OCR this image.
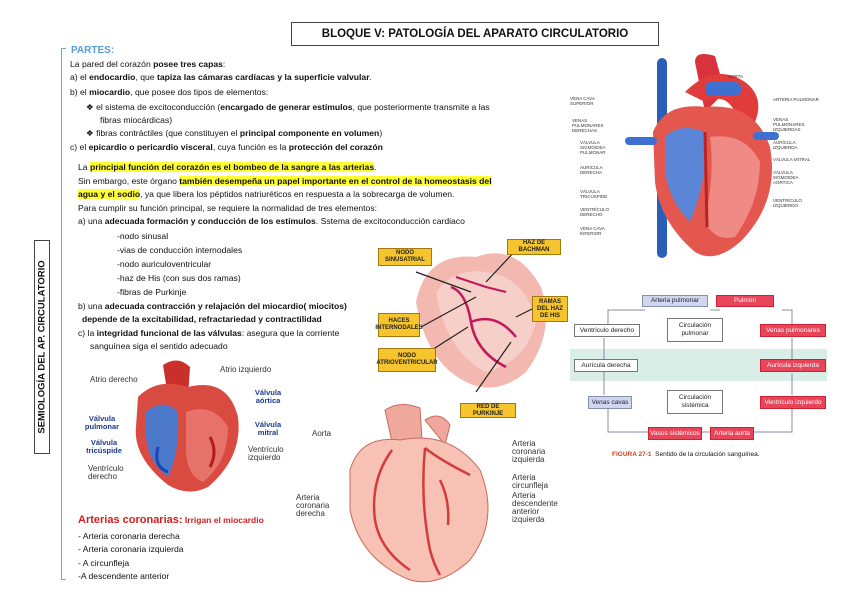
BLOQUE V: PATOLOGÍA DEL APARATO CIRCULATORIO
SEMIOLOGÍA DEL AP. CIRCULATORIO
PARTES:
La pared del corazón posee tres capas:
a) el endocardio, que tapiza las cámaras cardíacas y la superficie valvular.
b) el miocardio, que posee dos tipos de elementos:
❖ el sistema de excitoconducción (encargado de generar estímulos, que posteriormente transmite a las
fibras miocárdicas)
❖ fibras contráctiles (que constituyen el principal componente en volumen)
c) el epicardio o pericardio visceral, cuya función es la protección del corazón
La principal función del corazón es el bombeo de la sangre a las arterias.
Sin embargo, este órgano también desempeña un papel importante en el control de la homeostasis del
agua y el sodio, ya que libera los péptidos natriuréticos en respuesta a la sobrecarga de volumen.
Para cumplir su función principal, se requiere la normalidad de tres elementos:
a) una adecuada formación y conducción de los estímulos. Sstema de excitoconducción cardiaco
-nodo sinusal
-vias de conducción internodales
-nodo auriculoventricular
-haz de His (con sus dos ramas)
-fibras de Purkinje
b) una adecuada contracción y relajación del miocardio( miocitos)
depende de la excitabilidad, refractariedad y contractilidad
c) la integridad funcional de las válvulas: asegura que la corriente
sanguínea siga el sentido adecuado
AORTA
VENA CAVA SUPERIOR
ARTERIA PULMONAR
VENAS PULMONARES DERECHAS
VENAS PULMONARES IZQUIERDAS
VÁLVULA SIGMOIDEA PULMONAR
AURÍCULA IZQUIERDA
VÁLVULA MITRAL
AURÍCULA DERECHA	VÁLVULA SIGMOIDEA AÓRTICA
VÁLVULA TRICÚSPIDE
VENTRÍCULO DERECHO
VENTRÍCULO IZQUIERDO
VENA CAVA INFERIOR
NODO SINUSATRIAL
HAZ DE BACHMAN
HACES INTERNODALES
RAMAS DEL HAZ DE HIS
NODO ATRIOVENTRICULAR
RED DE PURKINJE
Arteria pulmonar	Pulmón
Ventrículo derecho
Circulación pulmonar	Venas pulmonares
Aurícula derecha	Aurícula izquierda
Venas cavas
Circulación sistémica	Ventrículo izquierdo
Vasos sistémicos	Arteria aorta
FIGURA 27-1 Sentido de la circulación sanguínea.
Atrio derecho
Atrio izquierdo
Válvula aórtica
Válvula pulmonar	Válvula mitral
Válvula tricúspide	Ventrículo izquierdo
Ventrículo derecho
Arterias coronarias: Irrigan el miocardio
- Arteria coronaria derecha
- Arteria coronaria izquierda
- A circunfleja
-A descendente anterior
Aorta
Arteria coronaria izquierda
Arteria circunfleja
Arteria coronaria derecha
Arteria descendente anterior izquierda
